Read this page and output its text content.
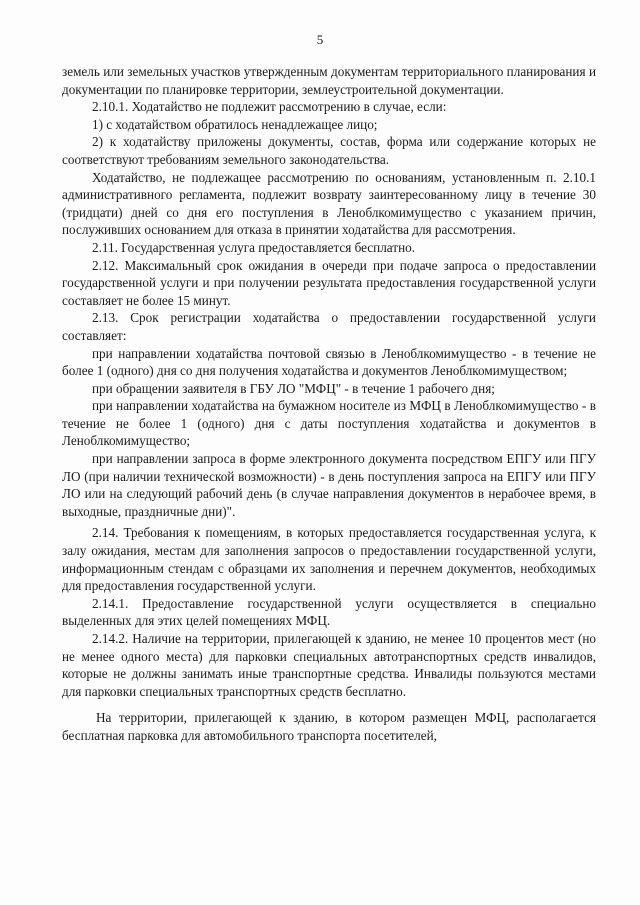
5

земель или земельных участков утвержденным документам территориального планирования и документации по планировке территории, землеустроительной документации.

2.10.1. Ходатайство не подлежит рассмотрению в случае, если:

1) с ходатайством обратилось ненадлежащее лицо;

2) к ходатайству приложены документы, состав, форма или содержание которых не соответствуют требованиям земельного законодательства.

Ходатайство, не подлежащее рассмотрению по основаниям, установленным п. 2.10.1 административного регламента, подлежит возврату заинтересованному лицу в течение 30 (тридцати) дней со дня его поступления в Леноблкомимущество с указанием причин, послуживших основанием для отказа в принятии ходатайства для рассмотрения.

2.11. Государственная услуга предоставляется бесплатно.

2.12. Максимальный срок ожидания в очереди при подаче запроса о предоставлении государственной услуги и при получении результата предоставления государственной услуги составляет не более 15 минут.

2.13. Срок регистрации ходатайства о предоставлении государственной услуги составляет:

при направлении ходатайства почтовой связью в Леноблкомимущество - в течение не более 1 (одного) дня со дня получения ходатайства и документов Леноблкомимуществом;

при обращении заявителя в ГБУ ЛО "МФЦ" - в течение 1 рабочего дня;

при направлении ходатайства на бумажном носителе из МФЦ в Леноблкомимущество - в течение не более 1 (одного) дня с даты поступления ходатайства и документов в Леноблкомимущество;

при направлении запроса в форме электронного документа посредством ЕПГУ или ПГУ ЛО (при наличии технической возможности) - в день поступления запроса на ЕПГУ или ПГУ ЛО или на следующий рабочий день (в случае направления документов в нерабочее время, в выходные, праздничные дни)".

2.14. Требования к помещениям, в которых предоставляется государственная услуга, к залу ожидания, местам для заполнения запросов о предоставлении государственной услуги, информационным стендам с образцами их заполнения и перечнем документов, необходимых для предоставления государственной услуги.

2.14.1. Предоставление государственной услуги осуществляется в специально выделенных для этих целей помещениях МФЦ.

2.14.2. Наличие на территории, прилегающей к зданию, не менее 10 процентов мест (но не менее одного места) для парковки специальных автотранспортных средств инвалидов, которые не должны занимать иные транспортные средства. Инвалиды пользуются местами для парковки специальных транспортных средств бесплатно.

На территории, прилегающей к зданию, в котором размещен МФЦ, располагается бесплатная парковка для автомобильного транспорта посетителей,
